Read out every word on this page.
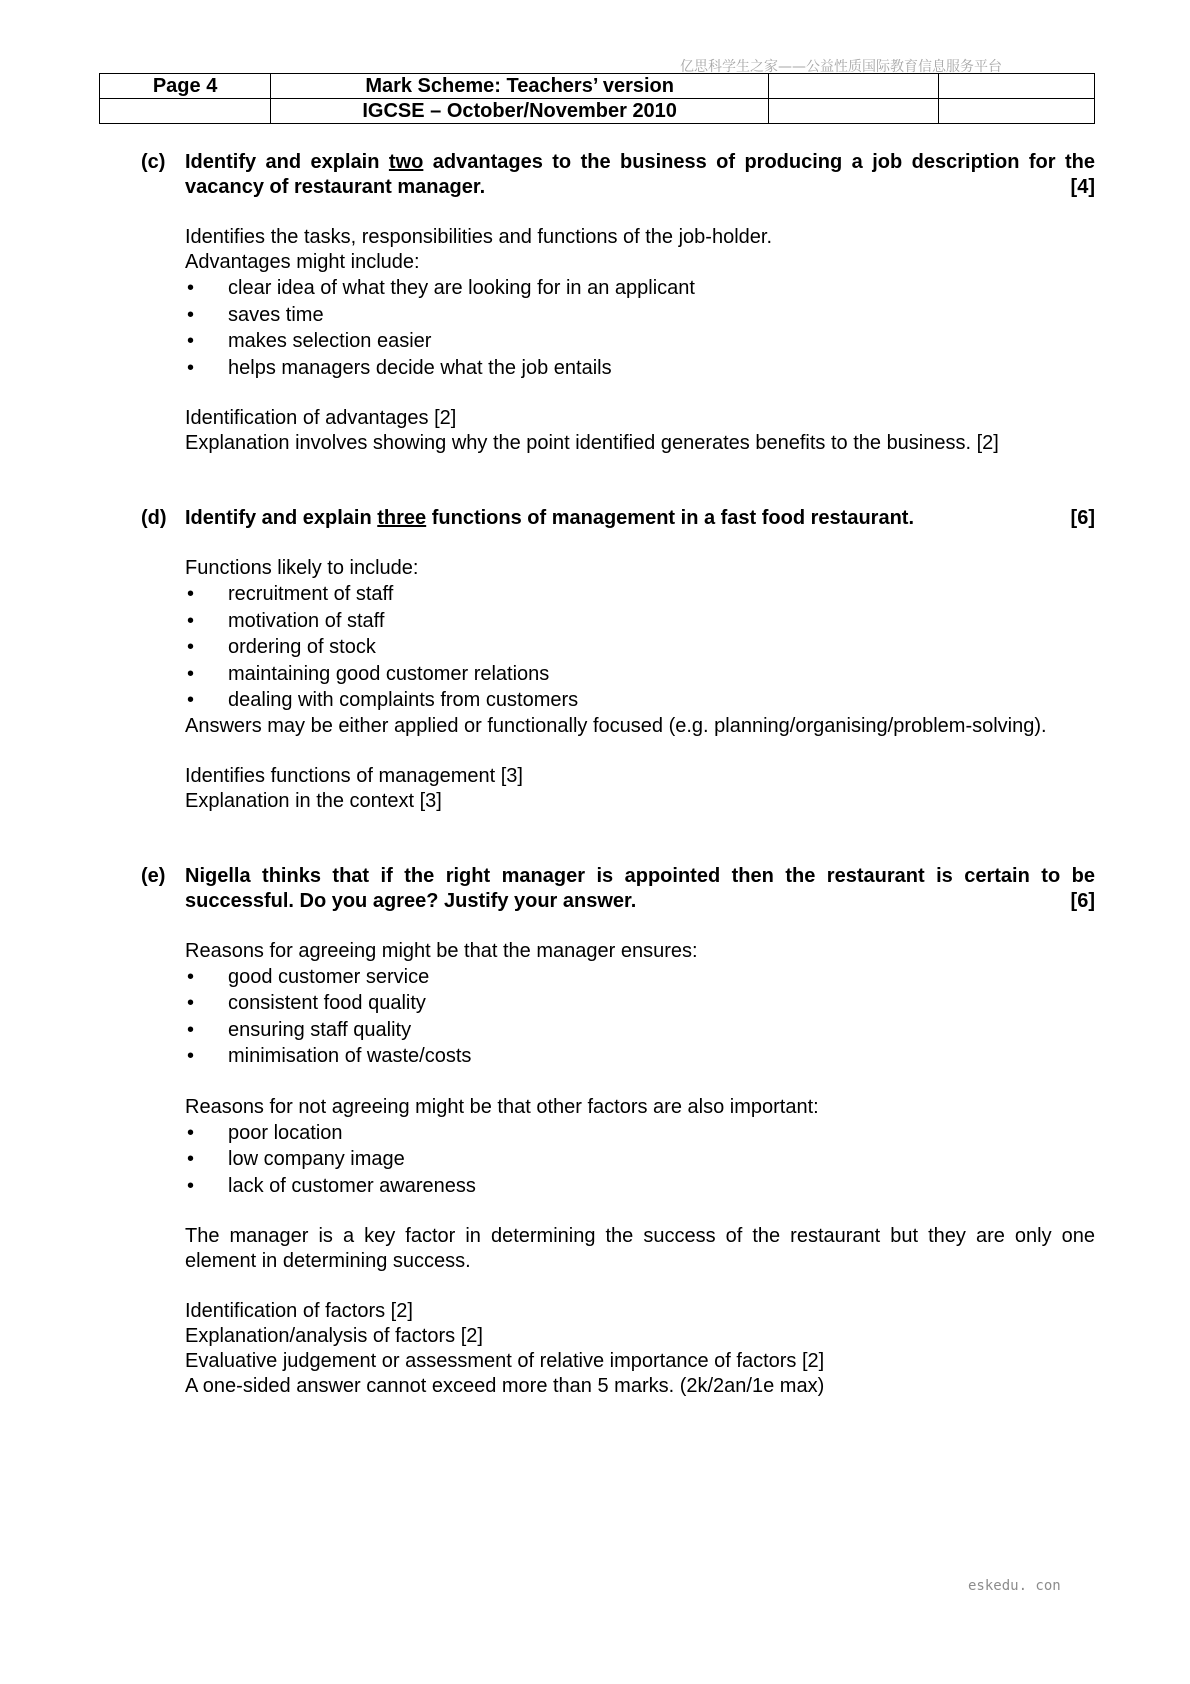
亿思科学生之家——公益性质国际教育信息服务平台
Page 4	Mark Scheme: Teachers’ version		
	IGCSE – October/November 2010		
(c) Identify and explain two advantages to the business of producing a job description for the vacancy of restaurant manager.	[4]

Identifies the tasks, responsibilities and functions of the job-holder.

Advantages might include:

• clear idea of what they are looking for in an applicant
• saves time
• makes selection easier
• helps managers decide what the job entails

Identification of advantages [2]

Explanation involves showing why the point identified generates benefits to the business. [2]

(d) Identify and explain three functions of management in a fast food restaurant.	[6]

Functions likely to include:

• recruitment of staff
• motivation of staff
• ordering of stock
• maintaining good customer relations
• dealing with complaints from customers

Answers may be either applied or functionally focused (e.g. planning/organising/problem-solving).

Identifies functions of management [3]

Explanation in the context [3]

(e) Nigella thinks that if the right manager is appointed then the restaurant is certain to be successful. Do you agree? Justify your answer.	[6]

Reasons for agreeing might be that the manager ensures:

• good customer service
• consistent food quality
• ensuring staff quality
• minimisation of waste/costs

Reasons for not agreeing might be that other factors are also important:

• poor location
• low company image
• lack of customer awareness

The manager is a key factor in determining the success of the restaurant but they are only one element in determining success.

Identification of factors [2]

Explanation/analysis of factors [2]

Evaluative judgement or assessment of relative importance of factors [2]

A one-sided answer cannot exceed more than 5 marks. (2k/2an/1e max)

eskedu. con
